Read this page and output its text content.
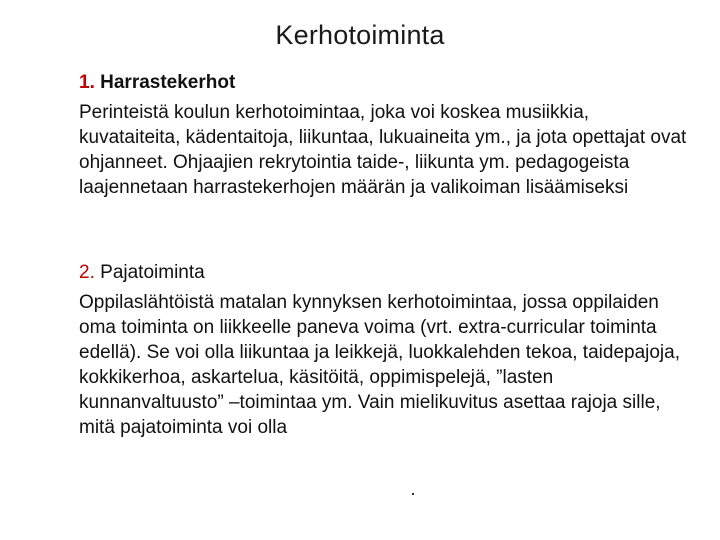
Kerhotoiminta

1. Harrastekerhot

Perinteistä koulun kerhotoimintaa, joka voi koskea musiikkia, kuvataiteita, kädentaitoja, liikuntaa, lukuaineita ym., ja jota opettajat ovat ohjanneet. Ohjaajien rekrytointia taide-, liikunta ym. pedagogeista laajennetaan harrastekerhojen määrän ja valikoiman lisäämiseksi

2. Pajatoiminta

Oppilaslähtöistä matalan kynnyksen kerhotoimintaa, jossa oppilaiden oma toiminta on liikkeelle paneva voima (vrt. extra-curricular toiminta edellä). Se voi olla liikuntaa ja leikkejä, luokkalehden tekoa, taidepajoja, kokkikerhoa, askartelua, käsitöitä, oppimispelejä, ”lasten kunnanvaltuusto” –toimintaa ym. Vain mielikuvitus asettaa rajoja sille, mitä pajatoiminta voi olla
